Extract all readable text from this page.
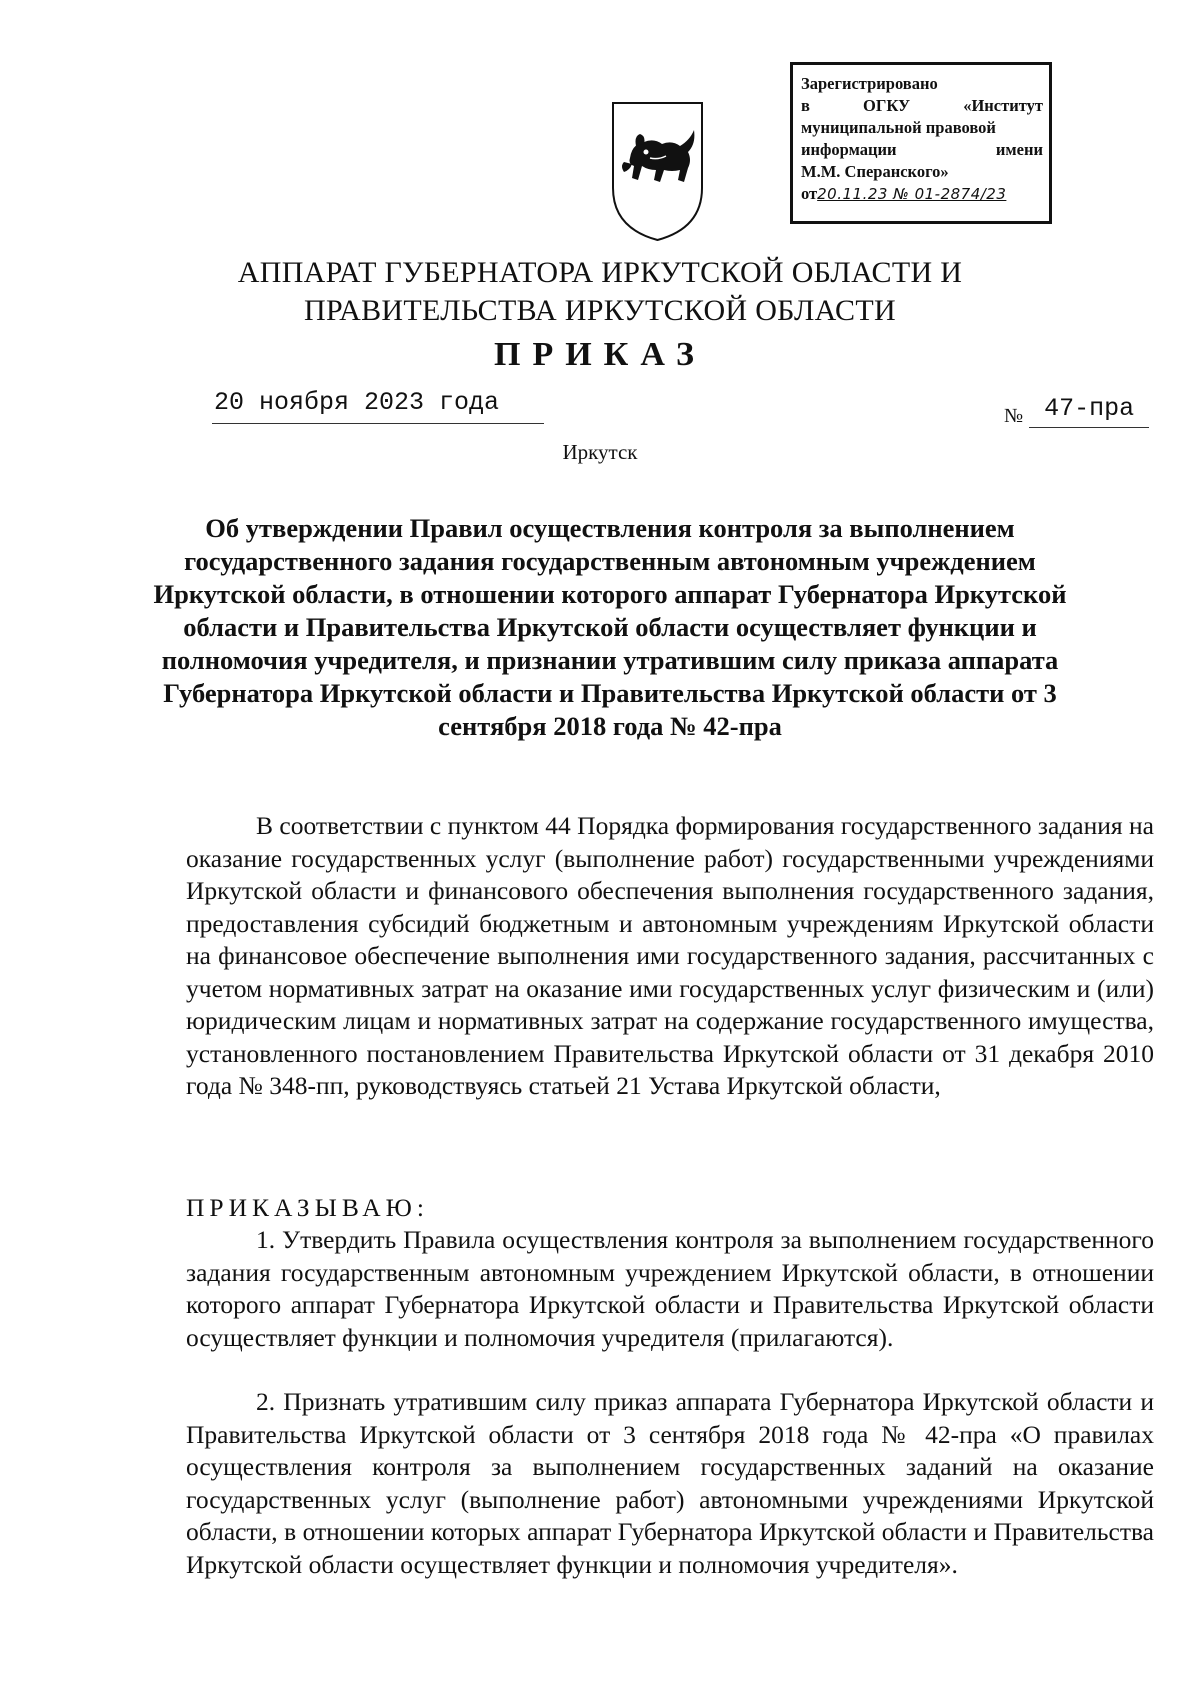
Зарегистрировано
в	ОГКУ	«Институт
муниципальной правовой
информации	имени
М.М. Сперанского»
от 20.11.23 № 01-2874/23
АППАРАТ ГУБЕРНАТОРА ИРКУТСКОЙ ОБЛАСТИ И
ПРАВИТЕЛЬСТВА ИРКУТСКОЙ ОБЛАСТИ
ПРИКАЗ
20 ноября 2023 года	№ 47-пра
Иркутск
Об утверждении Правил осуществления контроля за выполнением государственного задания государственным автономным учреждением Иркутской области, в отношении которого аппарат Губернатора Иркутской области и Правительства Иркутской области осуществляет функции и полномочия учредителя, и признании утратившим силу приказа аппарата Губернатора Иркутской области и Правительства Иркутской области от 3 сентября 2018 года № 42-пра
В соответствии с пунктом 44 Порядка формирования государственного задания на оказание государственных услуг (выполнение работ) государственными учреждениями Иркутской области и финансового обеспечения выполнения государственного задания, предоставления субсидий бюджетным и автономным учреждениям Иркутской области на финансовое обеспечение выполнения ими государственного задания, рассчитанных с учетом нормативных затрат на оказание ими государственных услуг физическим и (или) юридическим лицам и нормативных затрат на содержание государственного имущества, установленного постановлением Правительства Иркутской области от 31 декабря 2010 года № 348-пп, руководствуясь статьей 21 Устава Иркутской области,
ПРИКАЗЫВАЮ:
1. Утвердить Правила осуществления контроля за выполнением государственного задания государственным автономным учреждением Иркутской области, в отношении которого аппарат Губернатора Иркутской области и Правительства Иркутской области осуществляет функции и полномочия учредителя (прилагаются).
2. Признать утратившим силу приказ аппарата Губернатора Иркутской области и Правительства Иркутской области от 3 сентября 2018 года № 42-пра «О правилах осуществления контроля за выполнением государственных заданий на оказание государственных услуг (выполнение работ) автономными учреждениями Иркутской области, в отношении которых аппарат Губернатора Иркутской области и Правительства Иркутской области осуществляет функции и полномочия учредителя».
